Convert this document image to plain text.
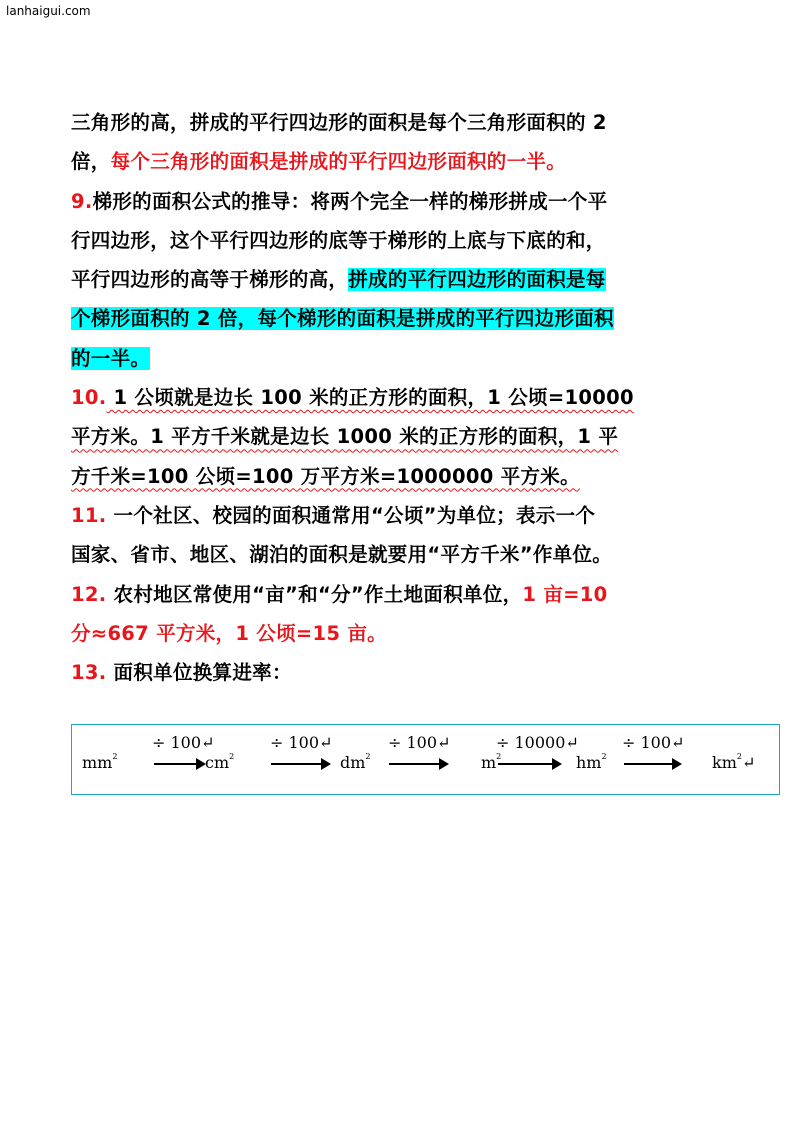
lanhaigui.com
三角形的高，拼成的平行四边形的面积是每个三角形面积的 2
倍，每个三角形的面积是拼成的平行四边形面积的一半。
9.梯形的面积公式的推导：将两个完全一样的梯形拼成一个平
行四边形，这个平行四边形的底等于梯形的上底与下底的和，
平行四边形的高等于梯形的高，拼成的平行四边形的面积是每
个梯形面积的 2 倍，每个梯形的面积是拼成的平行四边形面积
的一半。
10. 1 公顷就是边长 100 米的正方形的面积，1 公顷=10000
平方米。1 平方千米就是边长 1000 米的正方形的面积，1 平
方千米=100 公顷=100 万平方米=1000000 平方米。
11. 一个社区、校园的面积通常用“公顷”为单位；表示一个
国家、省市、地区、湖泊的面积是就要用“平方千米”作单位。
12. 农村地区常使用“亩”和“分”作土地面积单位，1 亩=10
分≈667 平方米，1 公顷=15 亩。
13. 面积单位换算进率：
$mm^2$
÷ 100↵
$cm^2$
÷ 100↵
$dm^2$
÷ 100↵
$m^2$
÷ 10000↵
$hm^2$
÷ 100↵
$km^2↵$
